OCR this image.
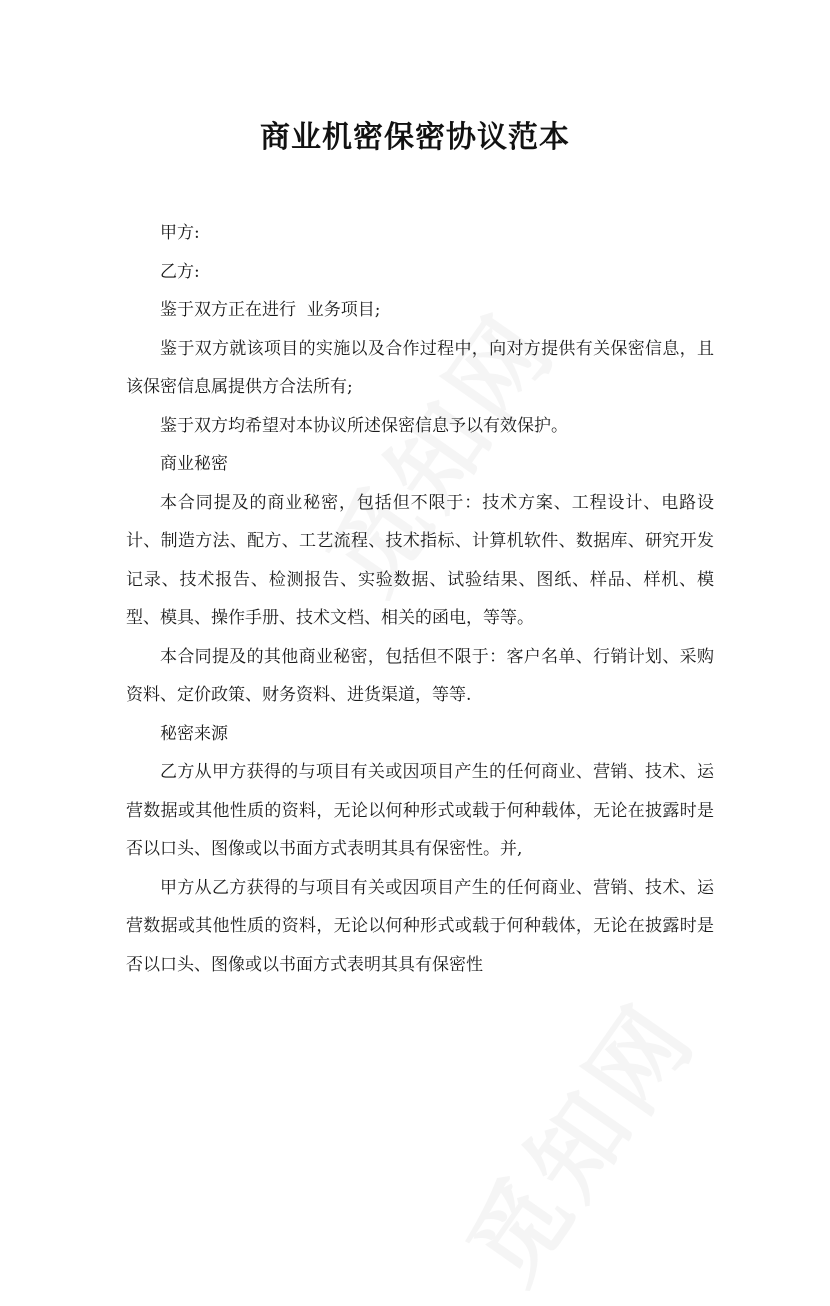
商业机密保密协议范本

甲方:

乙方:

鉴于双方正在进行  业务项目;

鉴于双方就该项目的实施以及合作过程中，向对方提供有关保密信息，且该保密信息属提供方合法所有;

鉴于双方均希望对本协议所述保密信息予以有效保护。

商业秘密

本合同提及的商业秘密，包括但不限于：技术方案、工程设计、电路设计、制造方法、配方、工艺流程、技术指标、计算机软件、数据库、研究开发记录、技术报告、检测报告、实验数据、试验结果、图纸、样品、样机、模型、模具、操作手册、技术文档、相关的函电，等等。

本合同提及的其他商业秘密，包括但不限于：客户名单、行销计划、采购资料、定价政策、财务资料、进货渠道，等等.

秘密来源

乙方从甲方获得的与项目有关或因项目产生的任何商业、营销、技术、运营数据或其他性质的资料，无论以何种形式或载于何种载体，无论在披露时是否以口头、图像或以书面方式表明其具有保密性。并,

甲方从乙方获得的与项目有关或因项目产生的任何商业、营销、技术、运营数据或其他性质的资料，无论以何种形式或载于何种载体，无论在披露时是否以口头、图像或以书面方式表明其具有保密性
